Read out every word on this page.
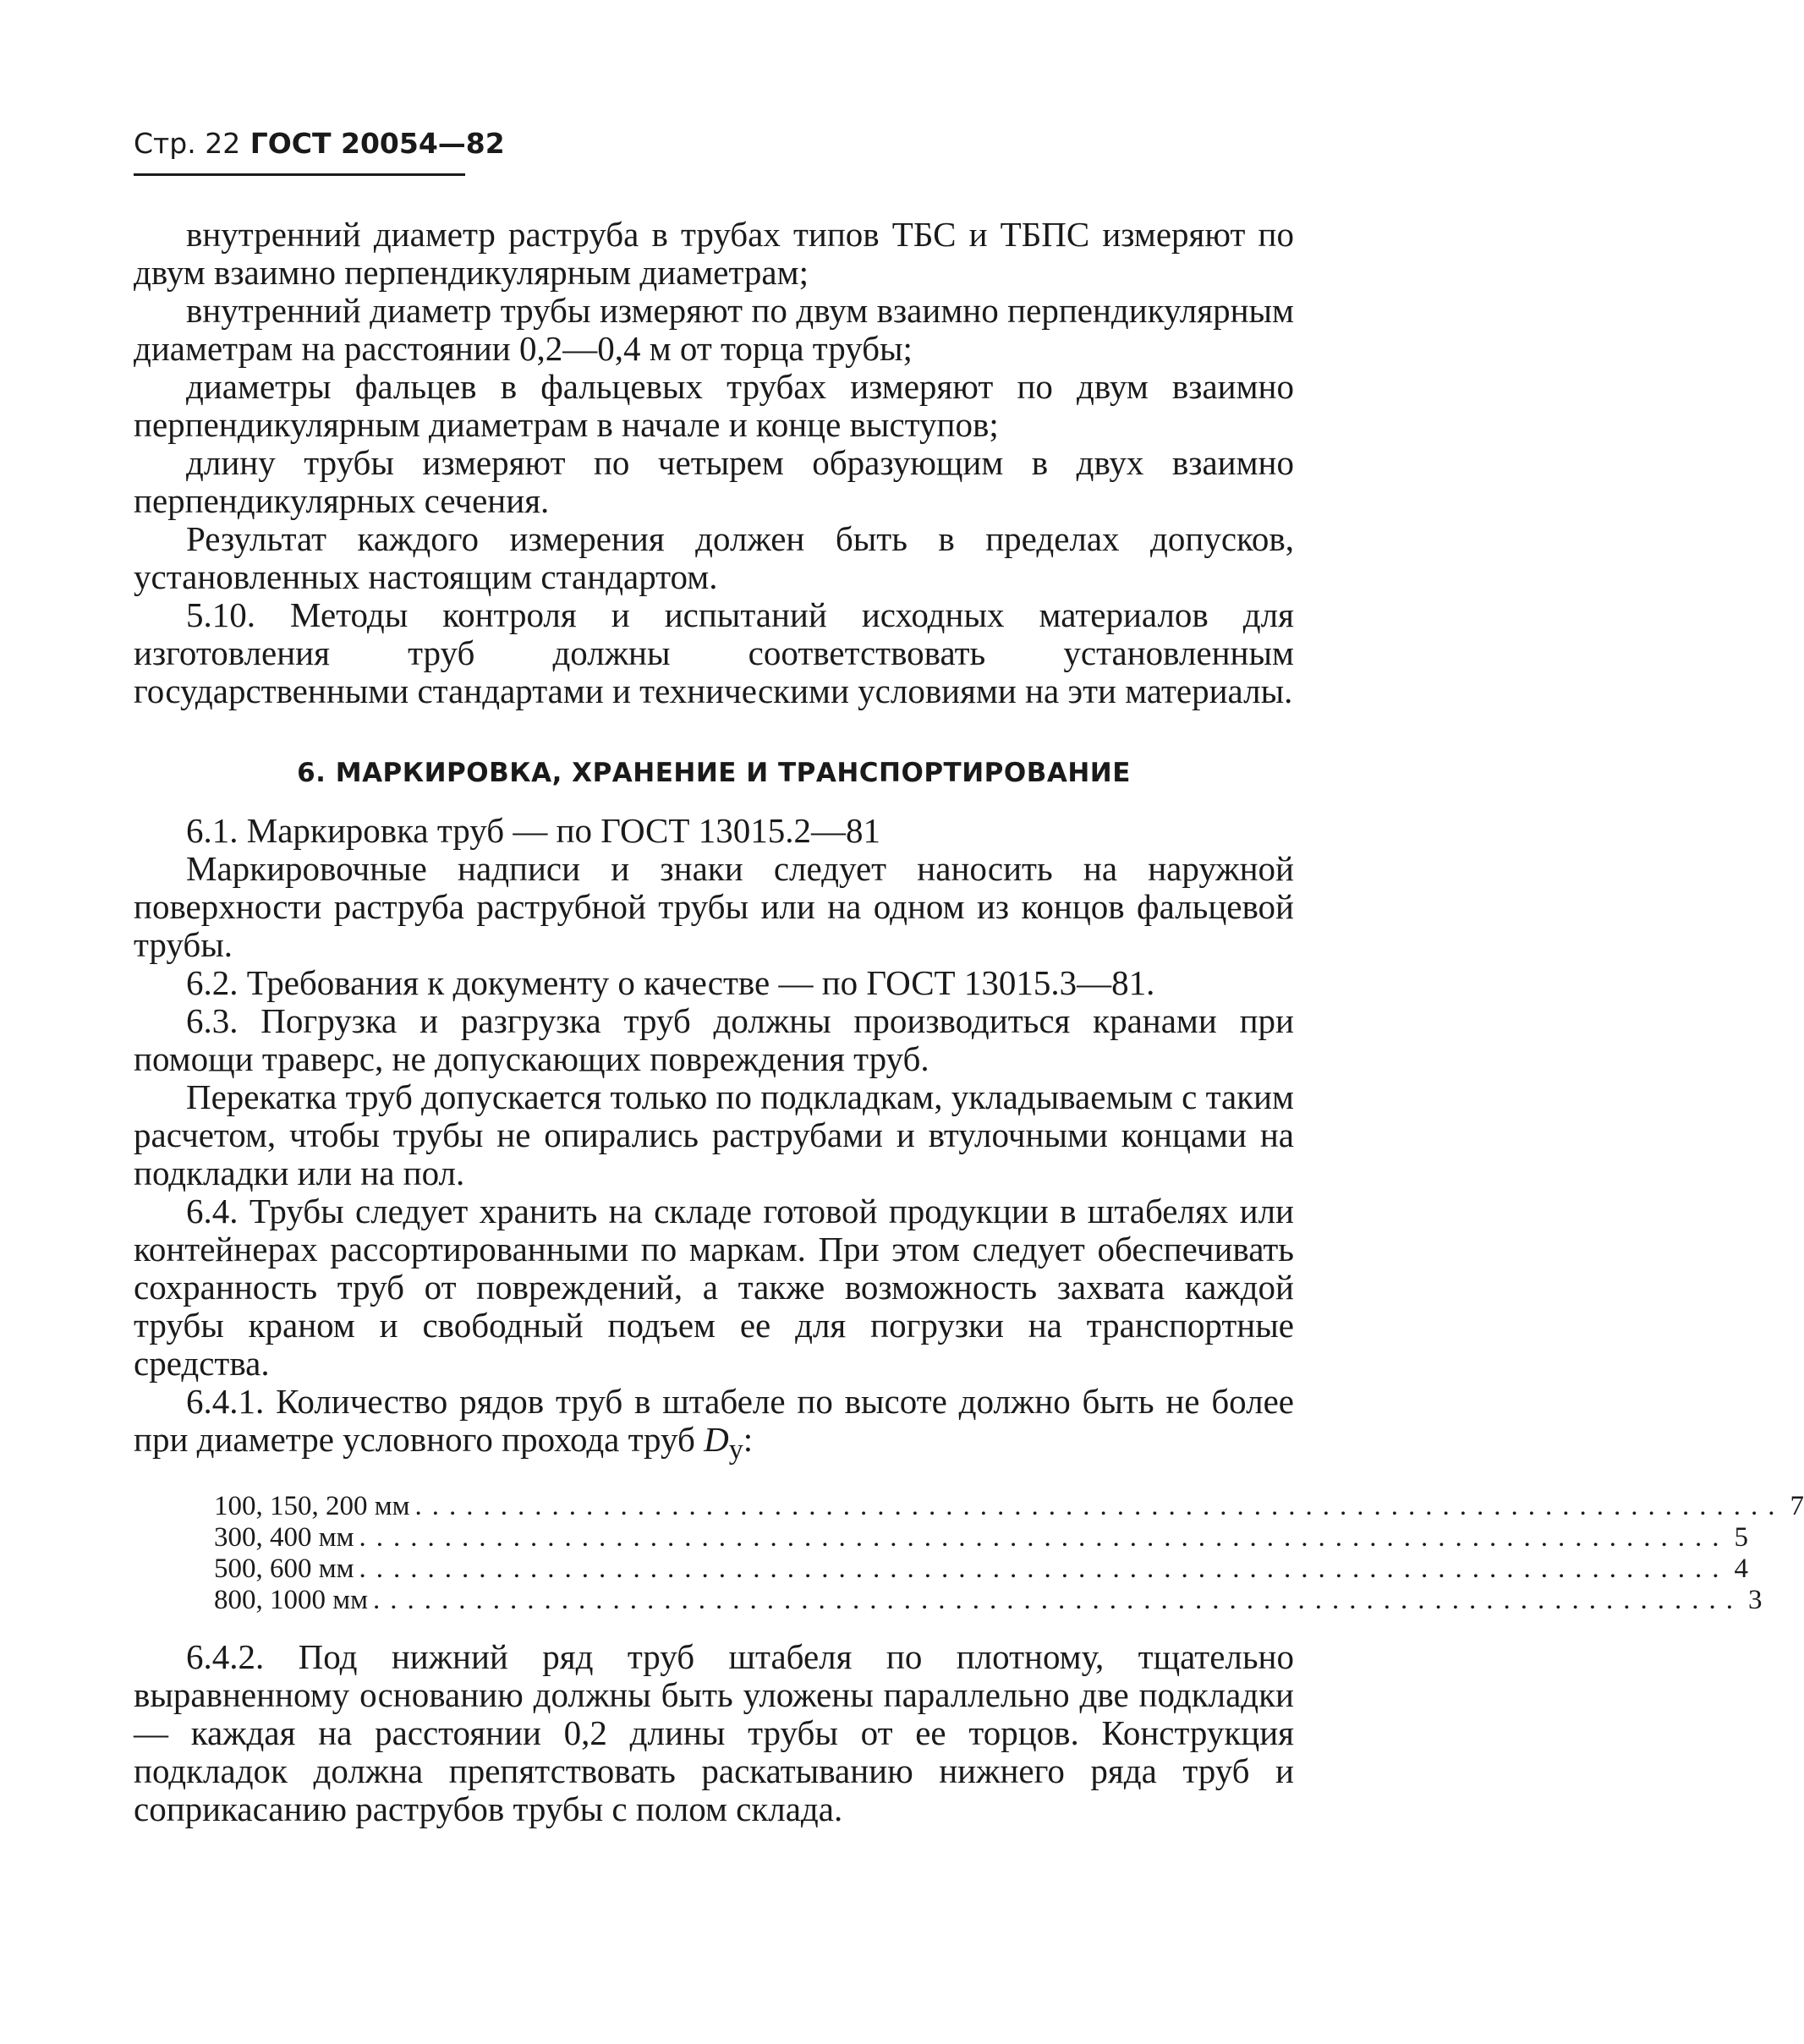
Стр. 22 ГОСТ 20054—82

внутренний диаметр раструба в трубах типов ТБС и ТБПС измеряют по двум взаимно перпендикулярным диаметрам;

внутренний диаметр трубы измеряют по двум взаимно перпендикулярным диаметрам на расстоянии 0,2—0,4 м от торца трубы;

диаметры фальцев в фальцевых трубах измеряют по двум взаимно перпендикулярным диаметрам в начале и конце выступов;

длину трубы измеряют по четырем образующим в двух взаимно перпендикулярных сечения.

Результат каждого измерения должен быть в пределах допусков, установленных настоящим стандартом.

5.10. Методы контроля и испытаний исходных материалов для изготовления труб должны соответствовать установленным государственными стандартами и техническими условиями на эти материалы.

6. МАРКИРОВКА, ХРАНЕНИЕ И ТРАНСПОРТИРОВАНИЕ

6.1. Маркировка труб — по ГОСТ 13015.2—81

Маркировочные надписи и знаки следует наносить на наружной поверхности раструба раструбной трубы или на одном из концов фальцевой трубы.

6.2. Требования к документу о качестве — по ГОСТ 13015.3—81.

6.3. Погрузка и разгрузка труб должны производиться кранами при помощи траверс, не допускающих повреждения труб.

Перекатка труб допускается только по подкладкам, укладываемым с таким расчетом, чтобы трубы не опирались раструбами и втулочными концами на подкладки или на пол.

6.4. Трубы следует хранить на складе готовой продукции в штабелях или контейнерах рассортированными по маркам. При этом следует обеспечивать сохранность труб от повреждений, а также возможность захвата каждой трубы краном и свободный подъем ее для погрузки на транспортные средства.

6.4.1. Количество рядов труб в штабеле по высоте должно быть не более при диаметре условного прохода труб $D_у$:

100, 150, 200 мм ................................................................................ 7
300, 400 мм ................................................................................ 5
500, 600 мм ................................................................................ 4
800, 1000 мм ................................................................................ 3

6.4.2. Под нижний ряд труб штабеля по плотному, тщательно выравненному основанию должны быть уложены параллельно две подкладки — каждая на расстоянии 0,2 длины трубы от ее торцов. Конструкция подкладок должна препятствовать раскатыванию нижнего ряда труб и соприкасанию раструбов трубы с полом склада.
